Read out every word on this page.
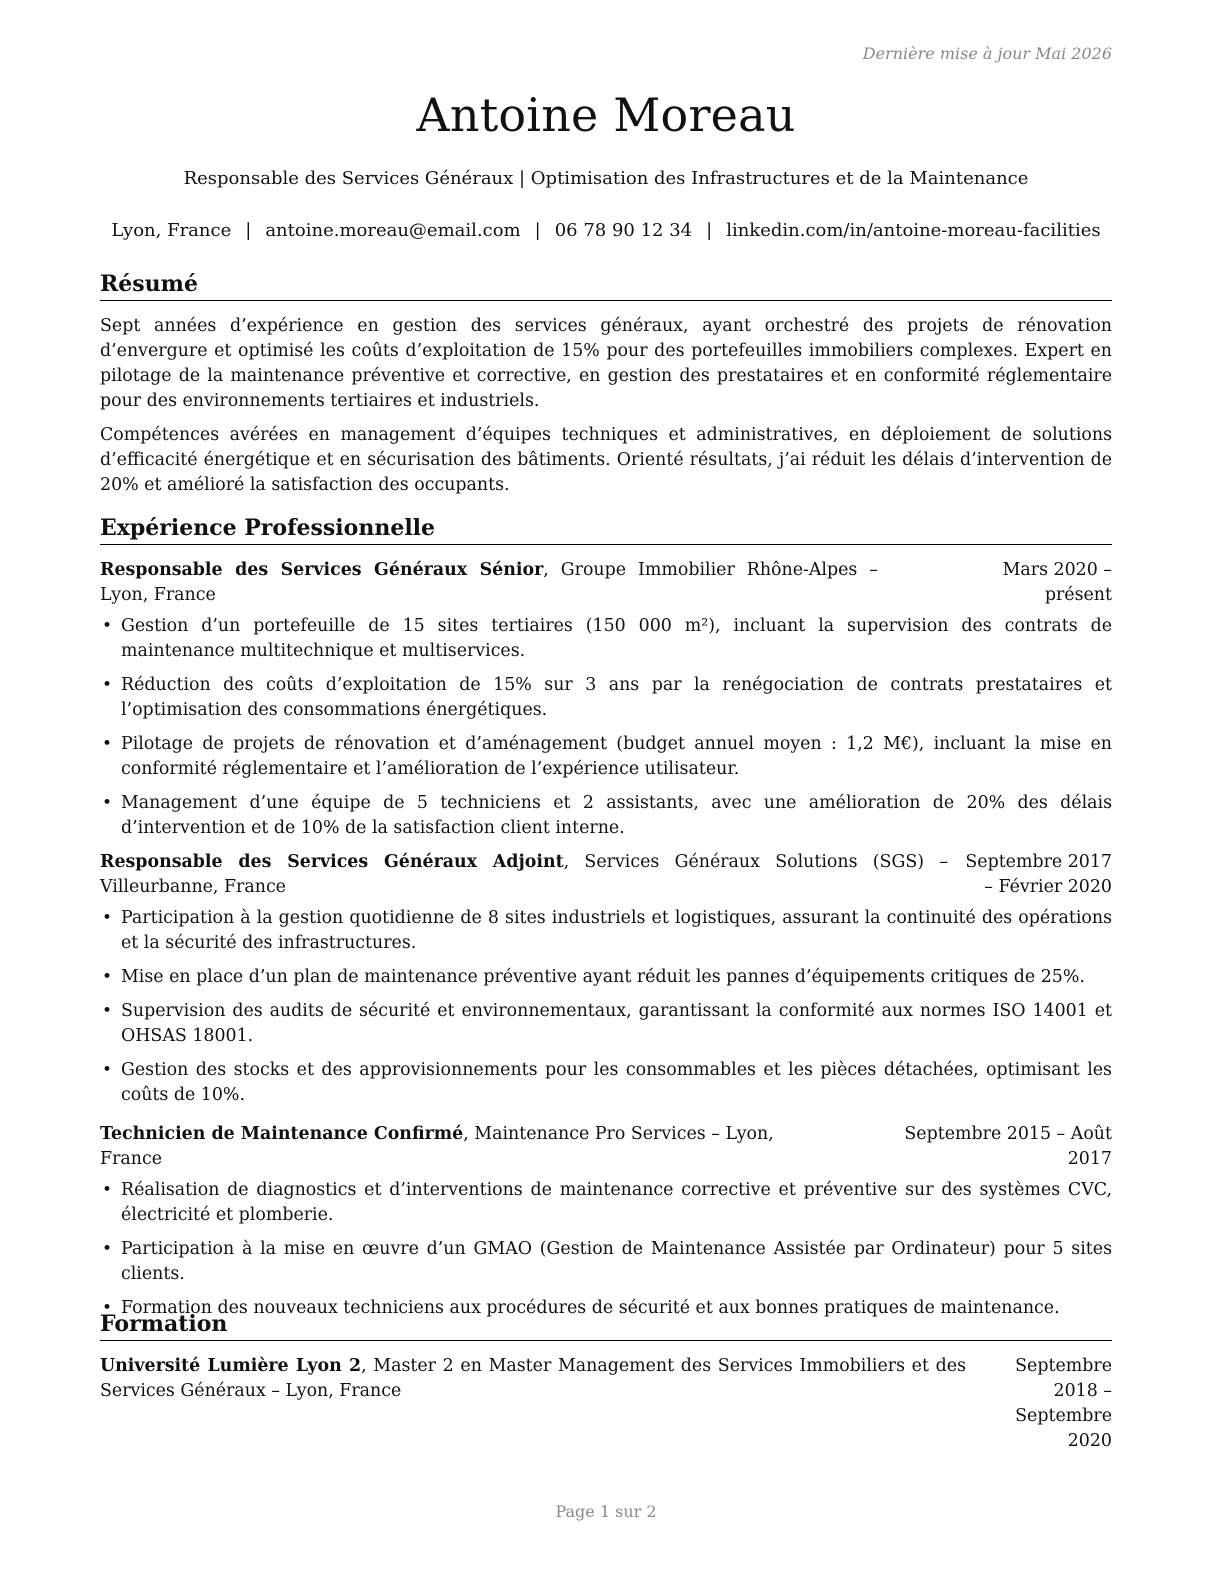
Dernière mise à jour Mai 2026
Antoine Moreau
Responsable des Services Généraux | Optimisation des Infrastructures et de la Maintenance
Lyon, France | antoine.moreau@email.com | 06 78 90 12 34 | linkedin.com/in/antoine-moreau-facilities
Résumé

Sept années d’expérience en gestion des services généraux, ayant orchestré des projets de rénovation d’envergure et optimisé les coûts d’exploitation de 15% pour des portefeuilles immobiliers complexes. Expert en pilotage de la maintenance préventive et corrective, en gestion des prestataires et en conformité réglementaire pour des environnements tertiaires et industriels.

Compétences avérées en management d’équipes techniques et administratives, en déploiement de solutions d’efficacité énergétique et en sécurisation des bâtiments. Orienté résultats, j’ai réduit les délais d’intervention de 20% et amélioré la satisfaction des occupants.

Expérience Professionnelle
Responsable des Services Généraux Sénior, Groupe Immobilier Rhône-Alpes – Lyon, France
Mars 2020 – présent
• Gestion d’un portefeuille de 15 sites tertiaires (150 000 m²), incluant la supervision des contrats de maintenance multitechnique et multiservices.
• Réduction des coûts d’exploitation de 15% sur 3 ans par la renégociation de contrats prestataires et l’optimisation des consommations énergétiques.
• Pilotage de projets de rénovation et d’aménagement (budget annuel moyen : 1,2 M€), incluant la mise en conformité réglementaire et l’amélioration de l’expérience utilisateur.
• Management d’une équipe de 5 techniciens et 2 assistants, avec une amélioration de 20% des délais d’intervention et de 10% de la satisfaction client interne.
Responsable des Services Généraux Adjoint, Services Généraux Solutions (SGS) – Villeurbanne, France
Septembre 2017 – Février 2020
• Participation à la gestion quotidienne de 8 sites industriels et logistiques, assurant la continuité des opérations et la sécurité des infrastructures.
• Mise en place d’un plan de maintenance préventive ayant réduit les pannes d’équipements critiques de 25%.
• Supervision des audits de sécurité et environnementaux, garantissant la conformité aux normes ISO 14001 et OHSAS 18001.
• Gestion des stocks et des approvisionnements pour les consommables et les pièces détachées, optimisant les coûts de 10%.
Technicien de Maintenance Confirmé, Maintenance Pro Services – Lyon, France
Septembre 2015 – Août 2017
• Réalisation de diagnostics et d’interventions de maintenance corrective et préventive sur des systèmes CVC, électricité et plomberie.
• Participation à la mise en œuvre d’un GMAO (Gestion de Maintenance Assistée par Ordinateur) pour 5 sites clients.
• Formation des nouveaux techniciens aux procédures de sécurité et aux bonnes pratiques de maintenance.
Formation
Université Lumière Lyon 2, Master 2 en Master Management des Services Immobiliers et des Services Généraux – Lyon, France
Septembre 2018 – Septembre 2020
Page 1 sur 2
